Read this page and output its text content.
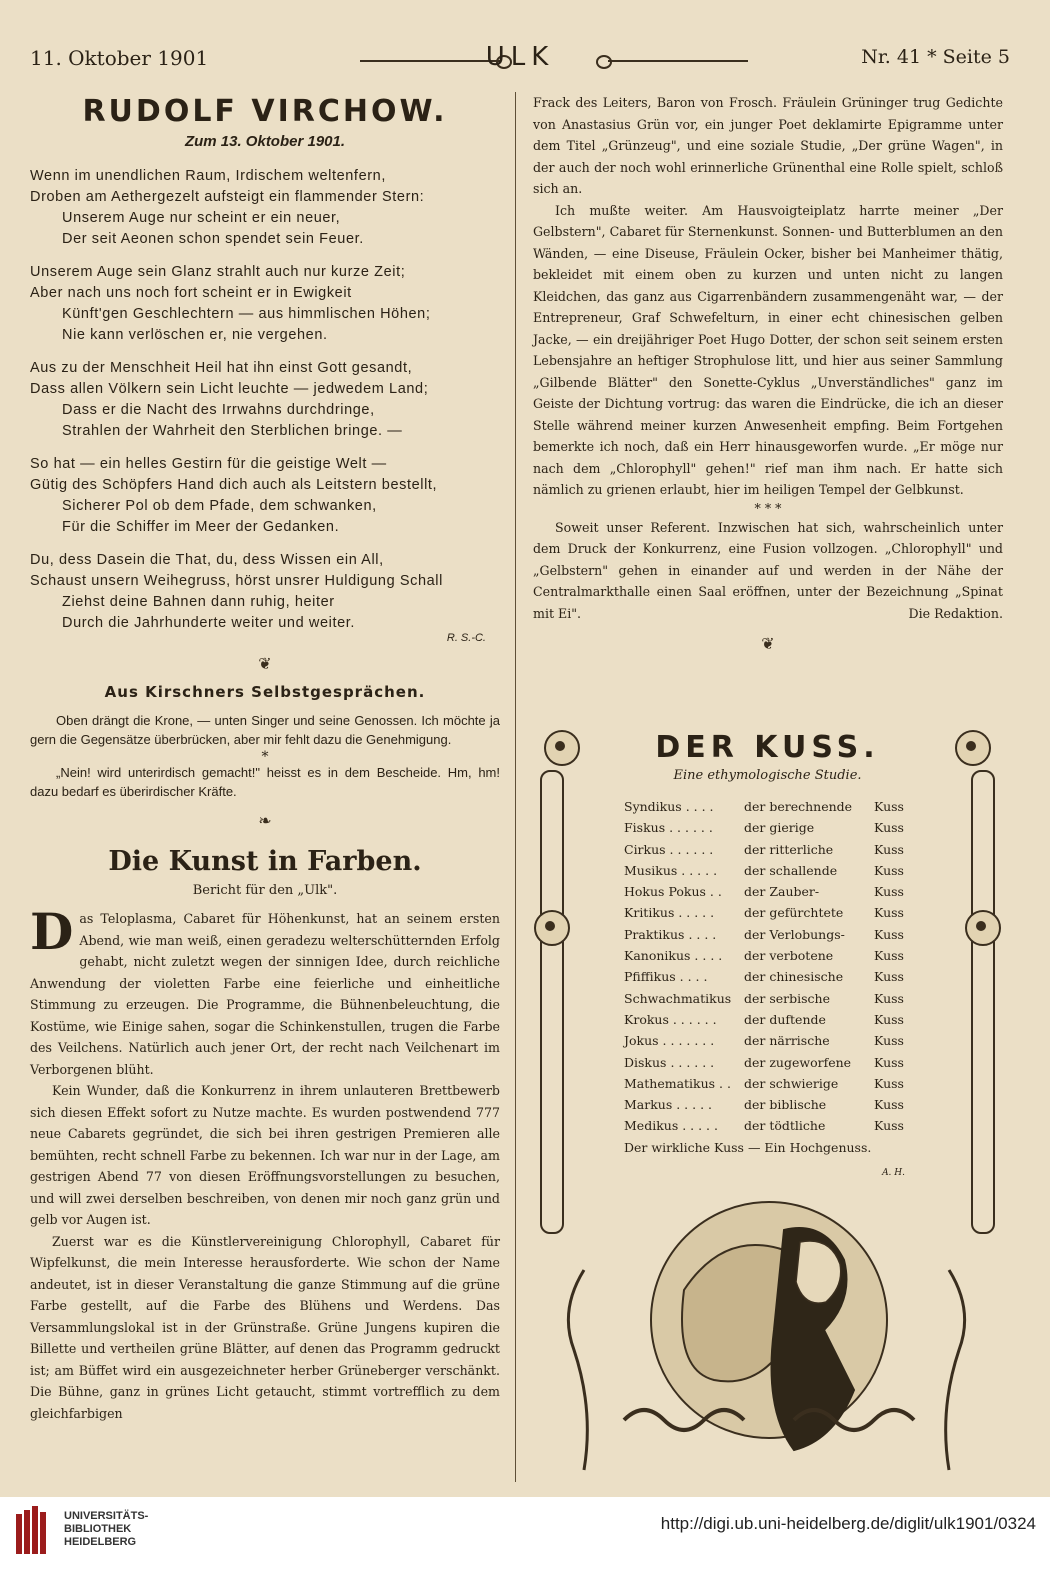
11. Oktober 1901	ULK	Nr. 41 * Seite 5
RUDOLF VIRCHOW.
Zum 13. Oktober 1901.
Wenn im unendlichen Raum, Irdischem weltenfern,
Droben am Aethergezelt aufsteigt ein flammender Stern:
Unserem Auge nur scheint er ein neuer,
Der seit Aeonen schon spendet sein Feuer.
Unserem Auge sein Glanz strahlt auch nur kurze Zeit;
Aber nach uns noch fort scheint er in Ewigkeit
Künft'gen Geschlechtern — aus himmlischen Höhen;
Nie kann verlöschen er, nie vergehen.
Aus zu der Menschheit Heil hat ihn einst Gott gesandt,
Dass allen Völkern sein Licht leuchte — jedwedem Land;
Dass er die Nacht des Irrwahns durchdringe,
Strahlen der Wahrheit den Sterblichen bringe. —
So hat — ein helles Gestirn für die geistige Welt —
Gütig des Schöpfers Hand dich auch als Leitstern bestellt,
Sicherer Pol ob dem Pfade, dem schwanken,
Für die Schiffer im Meer der Gedanken.
Du, dess Dasein die That, du, dess Wissen ein All,
Schaust unsern Weihegruss, hörst unsrer Huldigung Schall
Ziehst deine Bahnen dann ruhig, heiter
Durch die Jahrhunderte weiter und weiter.
R. S.-C.
❦
Aus Kirschners Selbstgesprächen.

Oben drängt die Krone, — unten Singer und seine Genossen. Ich möchte ja gern die Gegensätze überbrücken, aber mir fehlt dazu die Genehmigung.

*

„Nein! wird unterirdisch gemacht!" heisst es in dem Bescheide. Hm, hm! dazu bedarf es überirdischer Kräfte.

❧
Die Kunst in Farben.
Bericht für den „Ulk".

Das Teloplasma, Cabaret für Höhenkunst, hat an seinem ersten Abend, wie man weiß, einen geradezu welterschütternden Erfolg gehabt, nicht zuletzt wegen der sinnigen Idee, durch reichliche Anwendung der violetten Farbe eine feierliche und einheitliche Stimmung zu erzeugen. Die Programme, die Bühnenbeleuchtung, die Kostüme, wie Einige sahen, sogar die Schinkenstullen, trugen die Farbe des Veilchens. Natürlich auch jener Ort, der recht nach Veilchenart im Verborgenen blüht.

Kein Wunder, daß die Konkurrenz in ihrem unlauteren Brettbewerb sich diesen Effekt sofort zu Nutze machte. Es wurden postwendend 777 neue Cabarets gegründet, die sich bei ihren gestrigen Premieren alle bemühten, recht schnell Farbe zu bekennen. Ich war nur in der Lage, am gestrigen Abend 77 von diesen Eröffnungsvorstellungen zu besuchen, und will zwei derselben beschreiben, von denen mir noch ganz grün und gelb vor Augen ist.

Zuerst war es die Künstlervereinigung Chlorophyll, Cabaret für Wipfelkunst, die mein Interesse herausforderte. Wie schon der Name andeutet, ist in dieser Veranstaltung die ganze Stimmung auf die grüne Farbe gestellt, auf die Farbe des Blühens und Werdens. Das Versammlungslokal ist in der Grünstraße. Grüne Jungens kupiren die Billette und vertheilen grüne Blätter, auf denen das Programm gedruckt ist; am Büffet wird ein ausgezeichneter herber Grüneberger verschänkt. Die Bühne, ganz in grünes Licht getaucht, stimmt vortrefflich zu dem gleichfarbigen

Frack des Leiters, Baron von Frosch. Fräulein Grüninger trug Gedichte von Anastasius Grün vor, ein junger Poet deklamirte Epigramme unter dem Titel „Grünzeug", und eine soziale Studie, „Der grüne Wagen", in der auch der noch wohl erinnerliche Grünenthal eine Rolle spielt, schloß sich an.

Ich mußte weiter. Am Hausvoigteiplatz harrte meiner „Der Gelbstern", Cabaret für Sternenkunst. Sonnen- und Butterblumen an den Wänden, — eine Diseuse, Fräulein Ocker, bisher bei Manheimer thätig, bekleidet mit einem oben zu kurzen und unten nicht zu langen Kleidchen, das ganz aus Cigarrenbändern zusammengenäht war, — der Entrepreneur, Graf Schwefelturn, in einer echt chinesischen gelben Jacke, — ein dreijähriger Poet Hugo Dotter, der schon seit seinem ersten Lebensjahre an heftiger Strophulose litt, und hier aus seiner Sammlung „Gilbende Blätter" den Sonette-Cyklus „Unverständliches" ganz im Geiste der Dichtung vortrug: das waren die Eindrücke, die ich an dieser Stelle während meiner kurzen Anwesenheit empfing. Beim Fortgehen bemerkte ich noch, daß ein Herr hinausgeworfen wurde. „Er möge nur nach dem „Chlorophyll" gehen!" rief man ihm nach. Er hatte sich nämlich zu grienen erlaubt, hier im heiligen Tempel der Gelbkunst.

* * *

Soweit unser Referent. Inzwischen hat sich, wahrscheinlich unter dem Druck der Konkurrenz, eine Fusion vollzogen. „Chlorophyll" und „Gelbstern" gehen in einander auf und werden in der Nähe der Centralmarkthalle einen Saal eröffnen, unter der Bezeichnung „Spinat mit Ei".	Die Redaktion.

❦
DER KUSS.
Eine ethymologische Studie.
Syndikus . . . .	der berechnende	Kuss
Fiskus . . . . . .	der gierige	Kuss
Cirkus . . . . . .	der ritterliche	Kuss
Musikus . . . . .	der schallende	Kuss
Hokus Pokus . .	der Zauber-	Kuss
Kritikus . . . . .	der gefürchtete	Kuss
Praktikus . . . .	der Verlobungs-	Kuss
Kanonikus . . . .	der verbotene	Kuss
Pfiffikus . . . .	der chinesische	Kuss
Schwachmatikus	der serbische	Kuss
Krokus . . . . . .	der duftende	Kuss
Jokus . . . . . . .	der närrische	Kuss
Diskus . . . . . .	der zugeworfene	Kuss
Mathematikus . .	der schwierige	Kuss
Markus . . . . .	der biblische	Kuss
Medikus . . . . .	der tödtliche	Kuss
Der wirkliche Kuss — Ein Hochgenuss.
A. H.
UNIVERSITÄTS-
BIBLIOTHEK
HEIDELBERG
http://digi.ub.uni-heidelberg.de/diglit/ulk1901/0324
